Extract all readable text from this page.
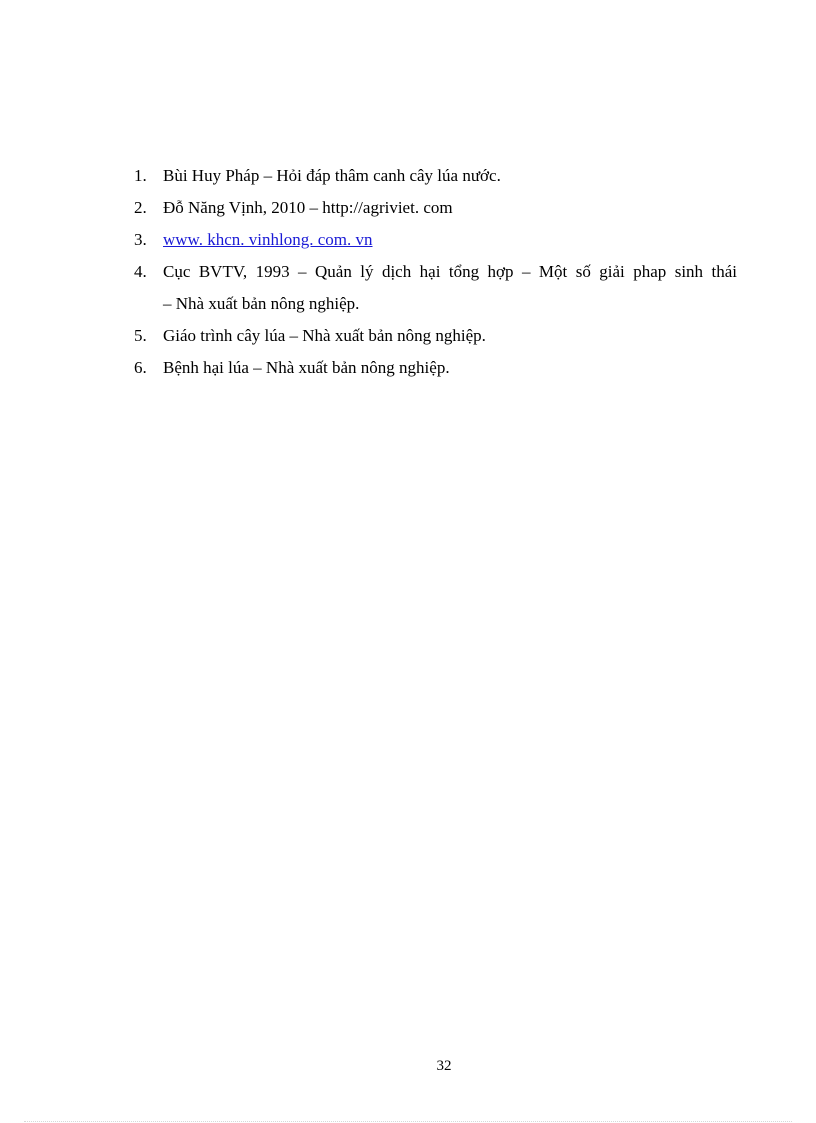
1. Bùi Huy Pháp – Hỏi đáp thâm canh cây lúa nước.
2. Đỗ Năng Vịnh, 2010 – http://agriviet. com
3. www. khcn. vinhlong. com. vn
4. Cục BVTV, 1993 – Quản lý dịch hại tổng hợp – Một số giải phap sinh thái
– Nhà xuất bản nông nghiệp.
5. Giáo trình cây lúa – Nhà xuất bản nông nghiệp.
6. Bệnh hại lúa – Nhà xuất bản nông nghiệp.
32
